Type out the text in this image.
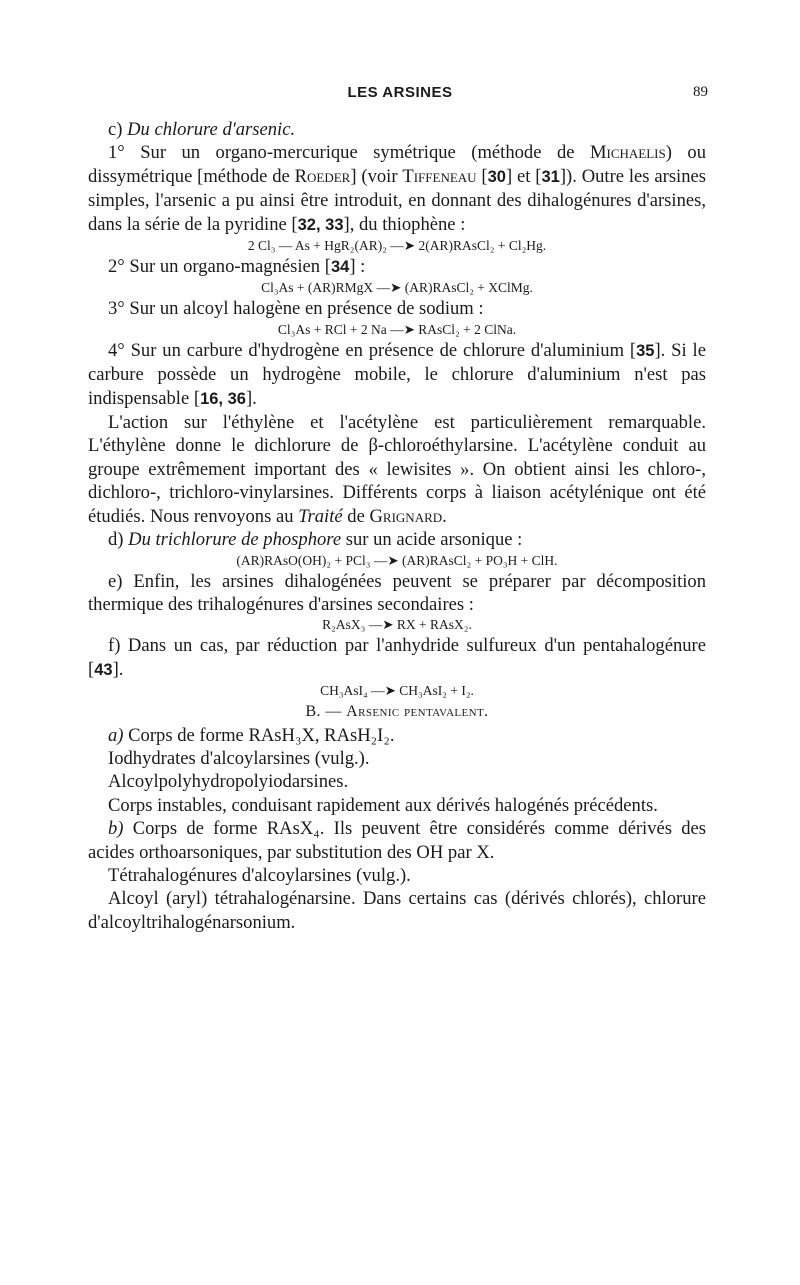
LES ARSINES	89

c) Du chlorure d'arsenic.

1° Sur un organo-mercurique symétrique (méthode de Michaelis) ou dissymétrique [méthode de Roeder] (voir Tiffeneau [30] et [31]). Outre les arsines simples, l'arsenic a pu ainsi être introduit, en donnant des dihalogénures d'arsines, dans la série de la pyridine [32, 33], du thiophène :

2 Cl₃ — As + HgR₂(AR)₂ —➤ 2(AR)RAsCl₂ + Cl₂Hg.

2° Sur un organo-magnésien [34] :

Cl₃As + (AR)RMgX —➤ (AR)RAsCl₂ + XClMg.

3° Sur un alcoyl halogène en présence de sodium :

Cl₃As + RCl + 2 Na —➤ RAsCl₂ + 2 ClNa.

4° Sur un carbure d'hydrogène en présence de chlorure d'aluminium [35]. Si le carbure possède un hydrogène mobile, le chlorure d'aluminium n'est pas indispensable [16, 36].

L'action sur l'éthylène et l'acétylène est particulièrement remarquable. L'éthylène donne le dichlorure de β-chloroéthylarsine. L'acétylène conduit au groupe extrêmement important des « lewisites ». On obtient ainsi les chloro-, dichloro-, trichloro-vinylarsines. Différents corps à liaison acétylénique ont été étudiés. Nous renvoyons au Traité de Grignard.

d) Du trichlorure de phosphore sur un acide arsonique :

(AR)RAsO(OH)₂ + PCl₃ —➤ (AR)RAsCl₂ + PO₃H + ClH.

e) Enfin, les arsines dihalogénées peuvent se préparer par décomposition thermique des trihalogénures d'arsines secondaires :

R₂AsX₃ —➤ RX + RAsX₂.

f) Dans un cas, par réduction par l'anhydride sulfureux d'un pentahalogénure [43].

CH₃AsI₄ —➤ CH₃AsI₂ + I₂.

B. — Arsenic pentavalent.

a) Corps de forme RAsH₃X, RAsH₂I₂.

Iodhydrates d'alcoylarsines (vulg.).

Alcoylpolyhydropolyiodarsines.

Corps instables, conduisant rapidement aux dérivés halogénés précédents.

b) Corps de forme RAsX₄. Ils peuvent être considérés comme dérivés des acides orthoarsoniques, par substitution des OH par X.

Tétrahalogénures d'alcoylarsines (vulg.).

Alcoyl (aryl) tétrahalogénarsine. Dans certains cas (dérivés chlorés), chlorure d'alcoyltrihalogénarsonium.
